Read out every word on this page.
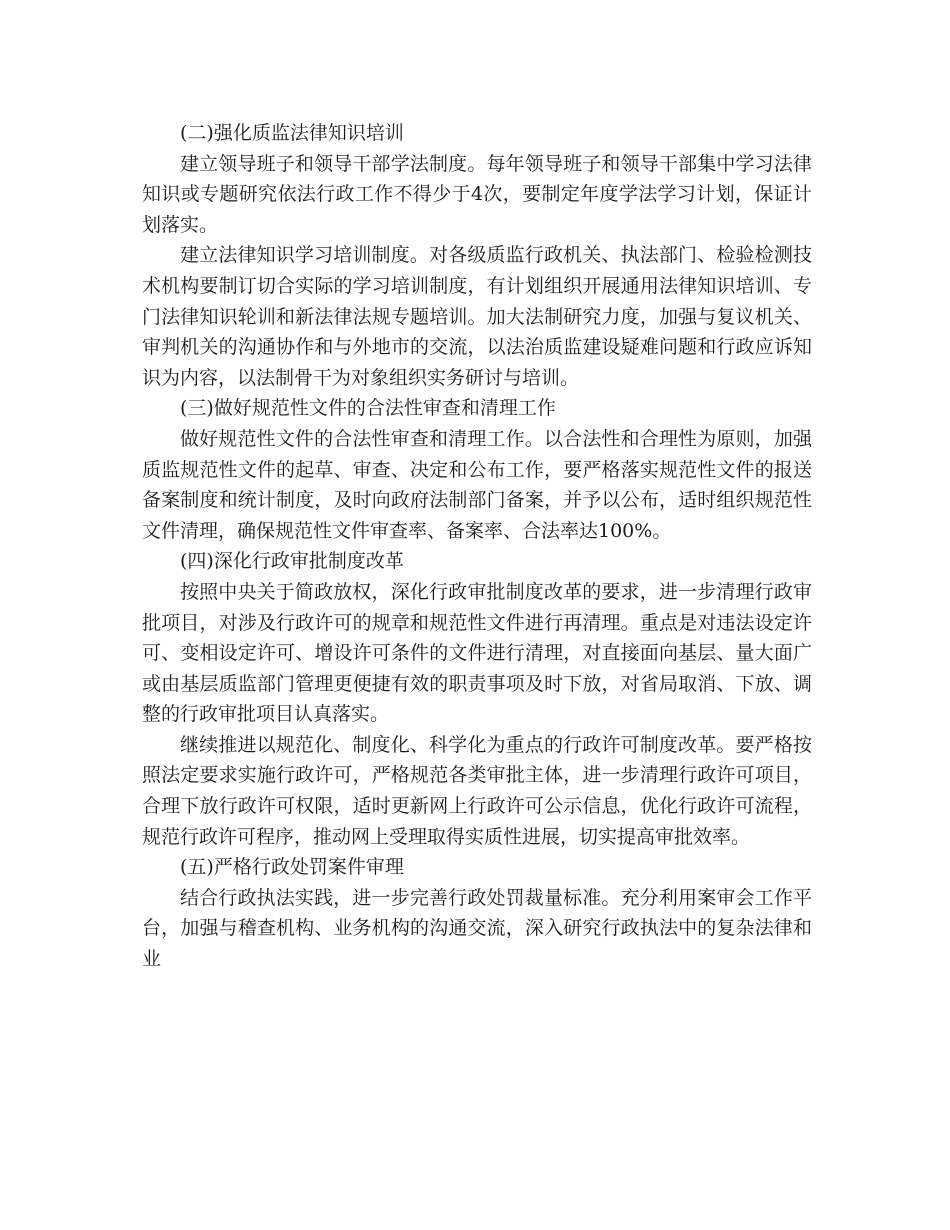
(二)强化质监法律知识培训

建立领导班子和领导干部学法制度。每年领导班子和领导干部集中学习法律知识或专题研究依法行政工作不得少于4次，要制定年度学法学习计划，保证计划落实。

建立法律知识学习培训制度。对各级质监行政机关、执法部门、检验检测技术机构要制订切合实际的学习培训制度，有计划组织开展通用法律知识培训、专门法律知识轮训和新法律法规专题培训。加大法制研究力度，加强与复议机关、审判机关的沟通协作和与外地市的交流，以法治质监建设疑难问题和行政应诉知识为内容，以法制骨干为对象组织实务研讨与培训。

(三)做好规范性文件的合法性审查和清理工作

做好规范性文件的合法性审查和清理工作。以合法性和合理性为原则，加强质监规范性文件的起草、审查、决定和公布工作，要严格落实规范性文件的报送备案制度和统计制度，及时向政府法制部门备案，并予以公布，适时组织规范性文件清理，确保规范性文件审查率、备案率、合法率达100%。

(四)深化行政审批制度改革

按照中央关于简政放权，深化行政审批制度改革的要求，进一步清理行政审批项目，对涉及行政许可的规章和规范性文件进行再清理。重点是对违法设定许可、变相设定许可、增设许可条件的文件进行清理，对直接面向基层、量大面广或由基层质监部门管理更便捷有效的职责事项及时下放，对省局取消、下放、调整的行政审批项目认真落实。

继续推进以规范化、制度化、科学化为重点的行政许可制度改革。要严格按照法定要求实施行政许可，严格规范各类审批主体，进一步清理行政许可项目，合理下放行政许可权限，适时更新网上行政许可公示信息，优化行政许可流程，规范行政许可程序，推动网上受理取得实质性进展，切实提高审批效率。

(五)严格行政处罚案件审理

结合行政执法实践，进一步完善行政处罚裁量标准。充分利用案审会工作平台，加强与稽查机构、业务机构的沟通交流，深入研究行政执法中的复杂法律和业
